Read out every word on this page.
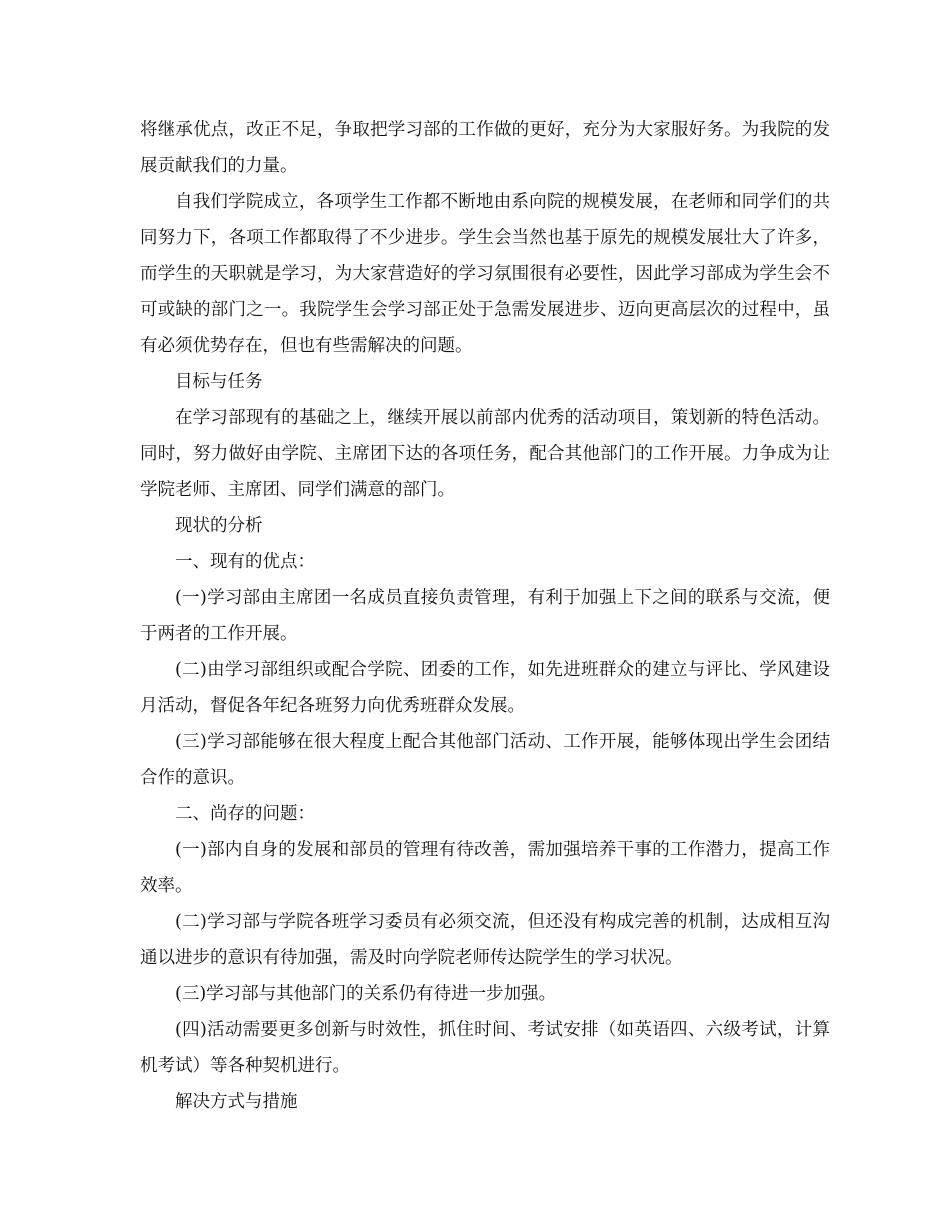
将继承优点，改正不足，争取把学习部的工作做的更好，充分为大家服好务。为我院的发展贡献我们的力量。

自我们学院成立，各项学生工作都不断地由系向院的规模发展，在老师和同学们的共同努力下，各项工作都取得了不少进步。学生会当然也基于原先的规模发展壮大了许多，而学生的天职就是学习，为大家营造好的学习氛围很有必要性，因此学习部成为学生会不可或缺的部门之一。我院学生会学习部正处于急需发展进步、迈向更高层次的过程中，虽有必须优势存在，但也有些需解决的问题。

目标与任务

在学习部现有的基础之上，继续开展以前部内优秀的活动项目，策划新的特色活动。同时，努力做好由学院、主席团下达的各项任务，配合其他部门的工作开展。力争成为让学院老师、主席团、同学们满意的部门。

现状的分析

一、现有的优点：

(一)学习部由主席团一名成员直接负责管理，有利于加强上下之间的联系与交流，便于两者的工作开展。

(二)由学习部组织或配合学院、团委的工作，如先进班群众的建立与评比、学风建设月活动，督促各年纪各班努力向优秀班群众发展。

(三)学习部能够在很大程度上配合其他部门活动、工作开展，能够体现出学生会团结合作的意识。

二、尚存的问题：

(一)部内自身的发展和部员的管理有待改善，需加强培养干事的工作潜力，提高工作效率。

(二)学习部与学院各班学习委员有必须交流，但还没有构成完善的机制，达成相互沟通以进步的意识有待加强，需及时向学院老师传达院学生的学习状况。

(三)学习部与其他部门的关系仍有待进一步加强。

(四)活动需要更多创新与时效性，抓住时间、考试安排（如英语四、六级考试，计算机考试）等各种契机进行。

解决方式与措施
